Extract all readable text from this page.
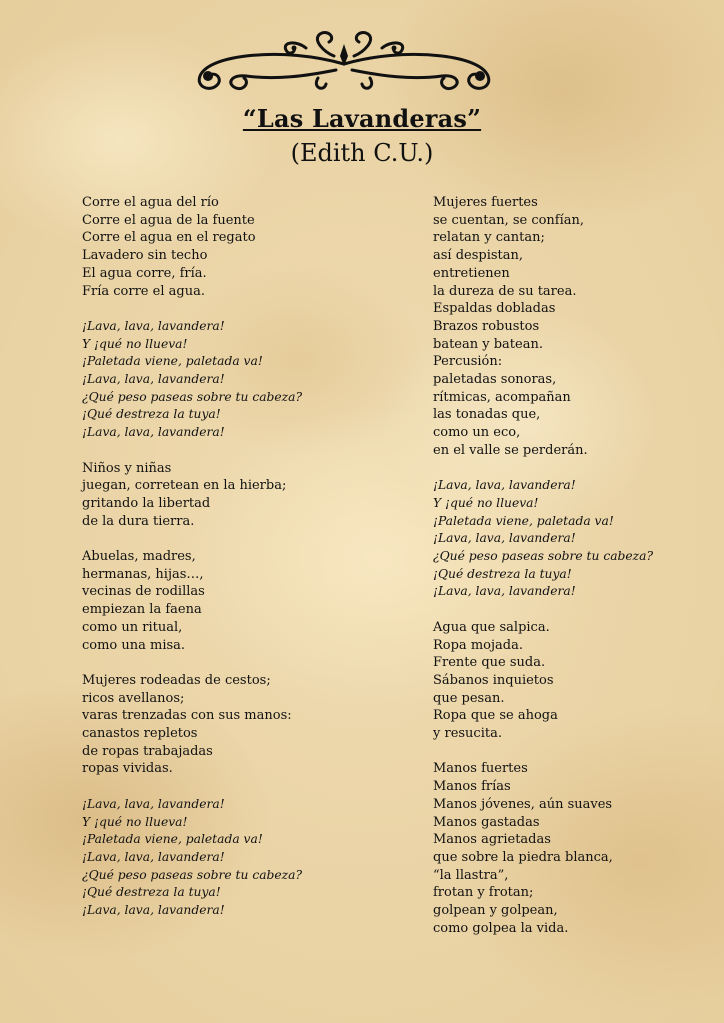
“Las Lavanderas”
(Edith C.U.)
Corre el agua del río
Corre el agua de la fuente
Corre el agua en el regato
Lavadero sin techo
El agua corre, fría.
Fría corre el agua.
¡Lava, lava, lavandera!
Y ¡qué no llueva!
¡Paletada viene, paletada va!
¡Lava, lava, lavandera!
¿Qué peso paseas sobre tu cabeza?
¡Qué destreza la tuya!
¡Lava, lava, lavandera!
Niños y niñas
juegan, corretean en la hierba;
gritando la libertad
de la dura tierra.
Abuelas, madres,
hermanas, hijas…,
vecinas de rodillas
empiezan la faena
como un ritual,
como una misa.
Mujeres rodeadas de cestos;
ricos avellanos;
varas trenzadas con sus manos:
canastos repletos
de ropas trabajadas
ropas vividas.
¡Lava, lava, lavandera!
Y ¡qué no llueva!
¡Paletada viene, paletada va!
¡Lava, lava, lavandera!
¿Qué peso paseas sobre tu cabeza?
¡Qué destreza la tuya!
¡Lava, lava, lavandera!
Mujeres fuertes
se cuentan, se confían,
relatan y cantan;
así despistan,
entretienen
la dureza de su tarea.
Espaldas dobladas
Brazos robustos
batean y batean.
Percusión:
paletadas sonoras,
rítmicas, acompañan
las tonadas que,
como un eco,
en el valle se perderán.
¡Lava, lava, lavandera!
Y ¡qué no llueva!
¡Paletada viene, paletada va!
¡Lava, lava, lavandera!
¿Qué peso paseas sobre tu cabeza?
¡Qué destreza la tuya!
¡Lava, lava, lavandera!
Agua que salpica.
Ropa mojada.
Frente que suda.
Sábanos inquietos
que pesan.
Ropa que se ahoga
y resucita.
Manos fuertes
Manos frías
Manos jóvenes, aún suaves
Manos gastadas
Manos agrietadas
que sobre la piedra blanca,
“la llastra”,
frotan y frotan;
golpean y golpean,
como golpea la vida.
